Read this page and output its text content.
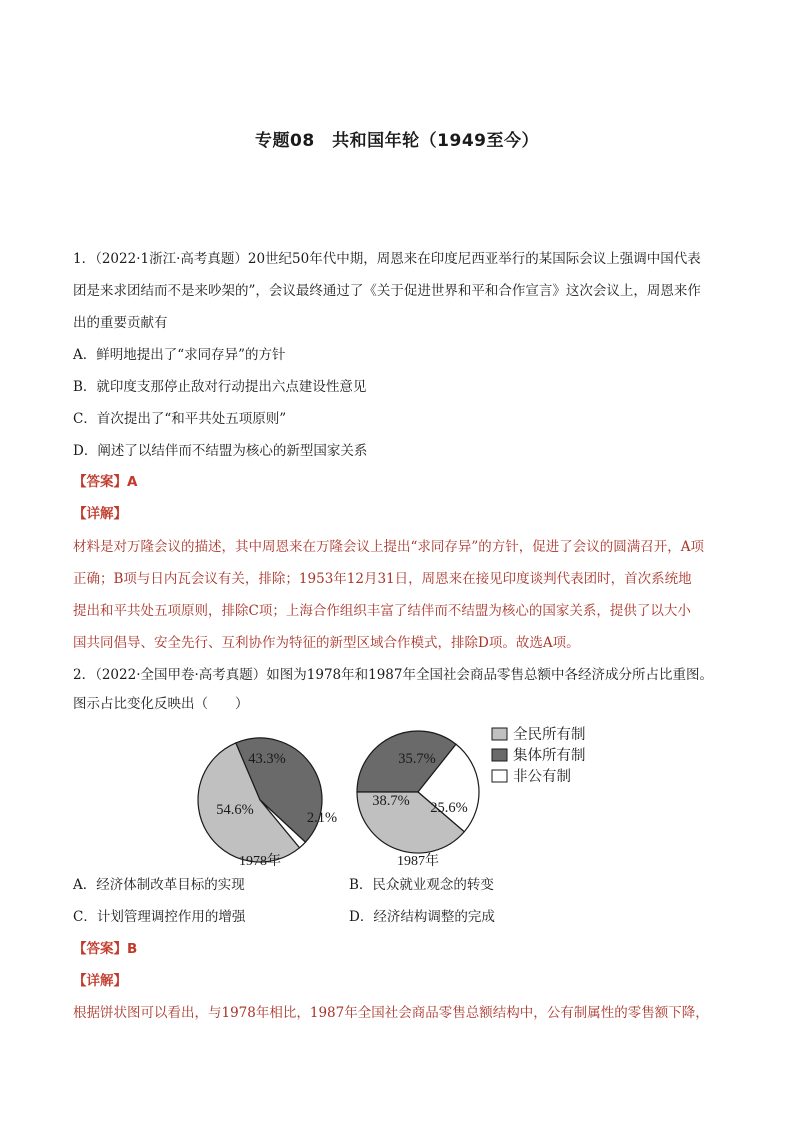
专题08　共和国年轮（1949至今）
1．（2022·1浙江·高考真题）20世纪50年代中期，周恩来在印度尼西亚举行的某国际会议上强调中国代表
团是来求团结而不是来吵架的”，会议最终通过了《关于促进世界和平和合作宣言》这次会议上，周恩来作
出的重要贡献有
A．鲜明地提出了“求同存异”的方针
B．就印度支那停止敌对行动提出六点建设性意见
C．首次提出了“和平共处五项原则”
D．阐述了以结伴而不结盟为核心的新型国家关系
【答案】A
【详解】
材料是对万隆会议的描述，其中周恩来在万隆会议上提出“求同存异”的方针，促进了会议的圆满召开，A项
正确；B项与日内瓦会议有关，排除；1953年12月31日，周恩来在接见印度谈判代表团时，首次系统地
提出和平共处五项原则，排除C项；上海合作组织丰富了结伴而不结盟为核心的国家关系，提供了以大小
国共同倡导、安全先行、互利协作为特征的新型区域合作模式，排除D项。故选A项。
2．（2022·全国甲卷·高考真题）如图为1978年和1987年全国社会商品零售总额中各经济成分所占比重图。
图示占比变化反映出（　　）
54.6%
43.3%
2.1%
1978年
38.7%
35.7%
25.6%
1987年
全民所有制
集体所有制
非公有制
A．经济体制改革目标的实现	B．民众就业观念的转变
C．计划管理调控作用的增强	D．经济结构调整的完成
【答案】B
【详解】
根据饼状图可以看出，与1978年相比，1987年全国社会商品零售总额结构中，公有制属性的零售额下降，
